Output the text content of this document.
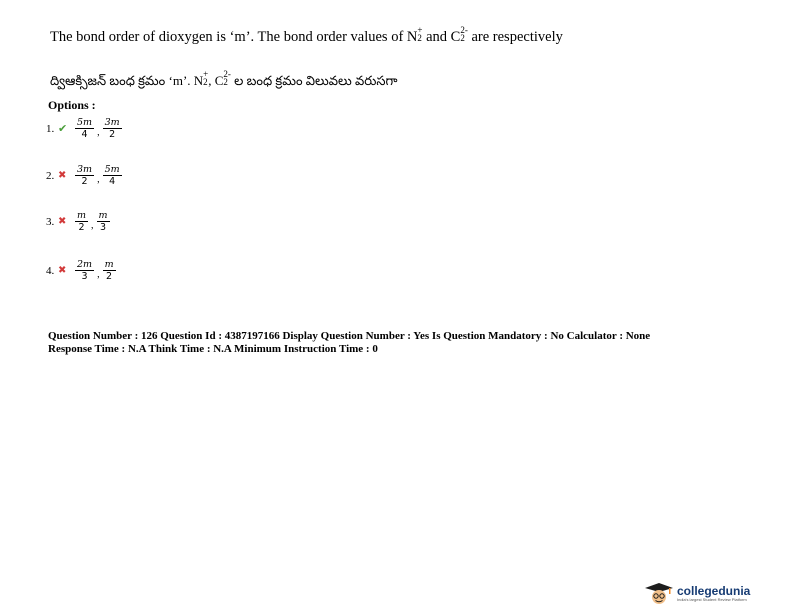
The bond order of dioxygen is ‘m’. The bond order values of N +
2 and C 2-
2 are respectively
ద్విఆక్సిజన్ బంధ క్రమం ‘m’. N +
2 , C 2-
2 ల బంధ క్రమం విలువలు వరుసగా
Options :
1. ✔ $\frac{5m}{4}$ , $\frac{3m}{2}$
2. ✖ $\frac{3m}{2}$ , $\frac{5m}{4}$
3. ✖ $\frac{m}{2}$ , $\frac{m}{3}$
4. ✖ $\frac{2m}{3}$ , $\frac{m}{2}$
Question Number : 126 Question Id : 4387197166 Display Question Number : Yes Is Question Mandatory : No Calculator : None
Response Time : N.A Think Time : N.A Minimum Instruction Time : 0
collegedunia
India's largest Student Review Platform
